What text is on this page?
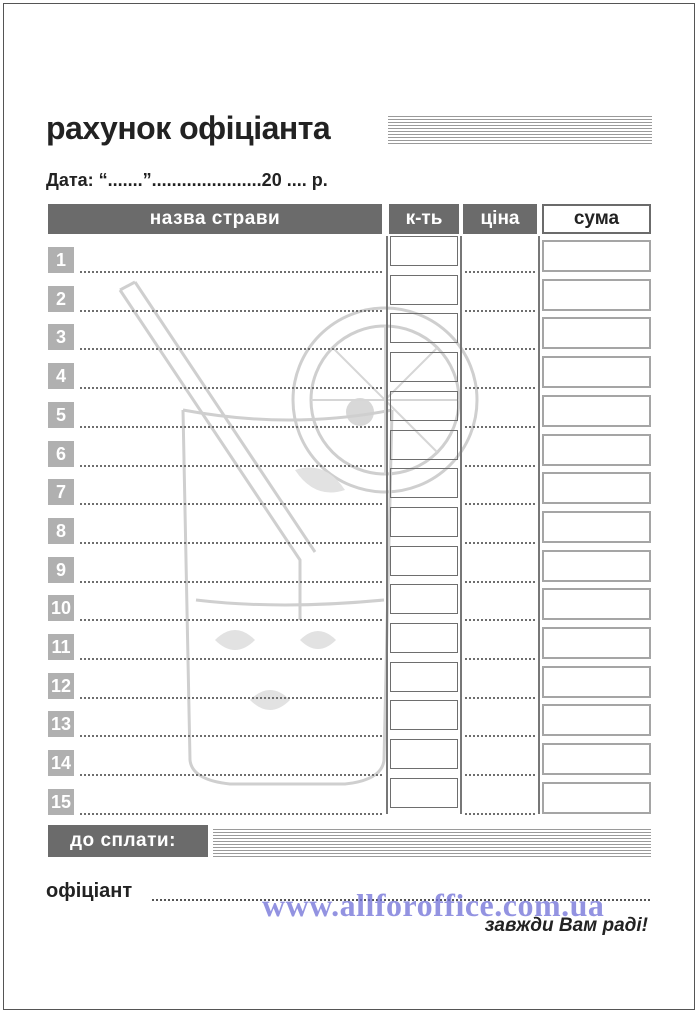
рахунок офіціанта
Дата: “.......”......................20 .... р.
назва страви	к-ть	ціна	сума
1
2
3
4
5
6
7
8
9
10
11
12
13
14
15
до сплати:
офіціант	www.allforoffice.com.ua
завжди Вам раді!
